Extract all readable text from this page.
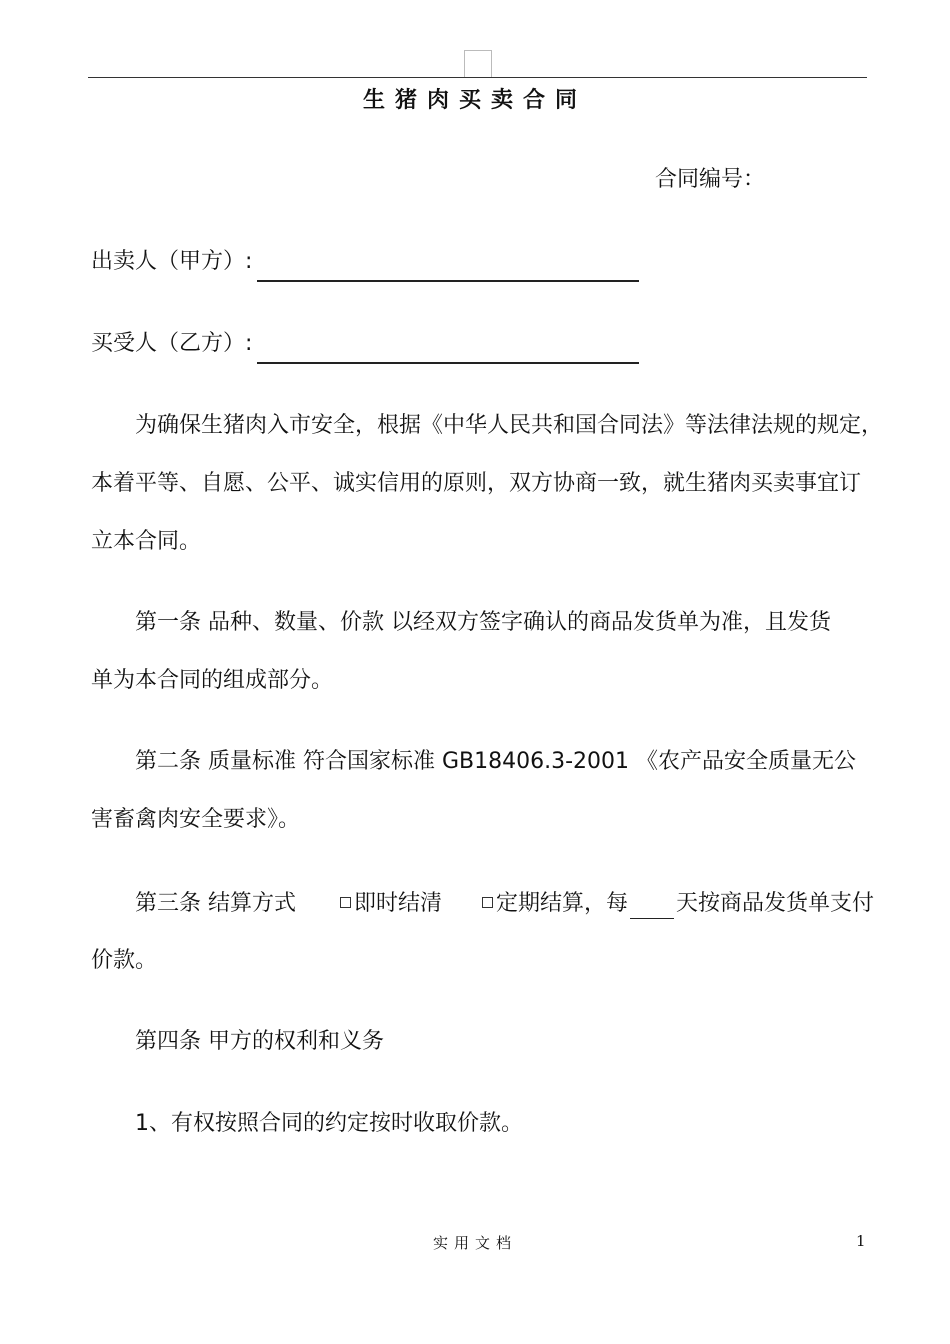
生猪肉买卖合同
合同编号：
出卖人（甲方）:
买受人（乙方）:
为确保生猪肉入市安全，根据《中华人民共和国合同法》等法律法规的规定，
本着平等、自愿、公平、诚实信用的原则，双方协商一致，就生猪肉买卖事宜订
立本合同。
第一条 品种、数量、价款 以经双方签字确认的商品发货单为准，且发货
单为本合同的组成部分。
第二条 质量标准 符合国家标准 GB18406.3-2001 《农产品安全质量无公
害畜禽肉安全要求》。
第三条 结算方式	即时结清 定期结算，每 天按商品发货单支付
价款。
第四条 甲方的权利和义务
1、有权按照合同的约定按时收取价款。
实用文档	1
